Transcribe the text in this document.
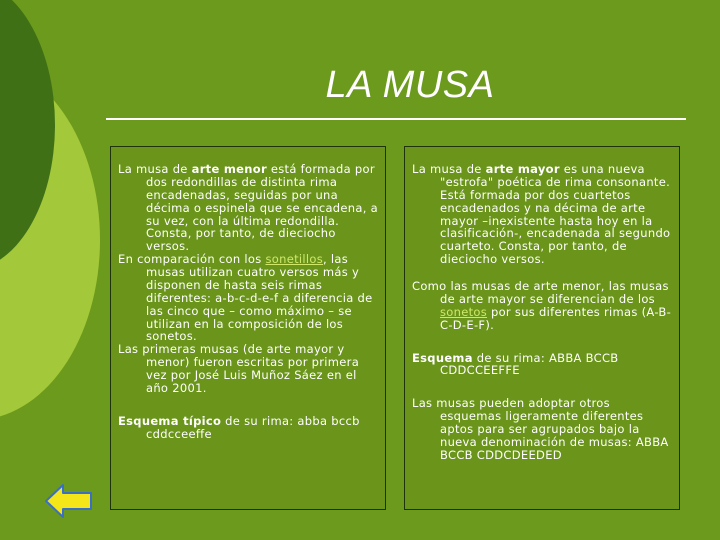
LA MUSA

La musa de arte menor está formada por dos redondillas de distinta rima encadenadas, seguidas por una décima o espinela que se encadena, a su vez, con la última redondilla. Consta, por tanto, de dieciocho versos.

En comparación con los sonetillos, las musas utilizan cuatro versos más y disponen de hasta seis rimas diferentes: a-b-c-d-e-f a diferencia de las cinco que – como máximo – se utilizan en la composición de los sonetos.

Las primeras musas (de arte mayor y menor) fueron escritas por primera vez por José Luis Muñoz Sáez en el año 2001.

Esquema típico de su rima: abba bccb cddcceeffe

La musa de arte mayor es una nueva "estrofa" poética de rima consonante. Está formada por dos cuartetos encadenados y na décima de arte mayor –inexistente hasta hoy en la clasificación-, encadenada al segundo cuarteto. Consta, por tanto, de dieciocho versos.

Como las musas de arte menor, las musas de arte mayor se diferencian de los sonetos por sus diferentes rimas (A-B-C-D-E-F).

Esquema de su rima: ABBA BCCB CDDCCEEFFE

Las musas pueden adoptar otros esquemas ligeramente diferentes aptos para ser agrupados bajo la nueva denominación de musas: ABBA BCCB CDDCDEEDED
